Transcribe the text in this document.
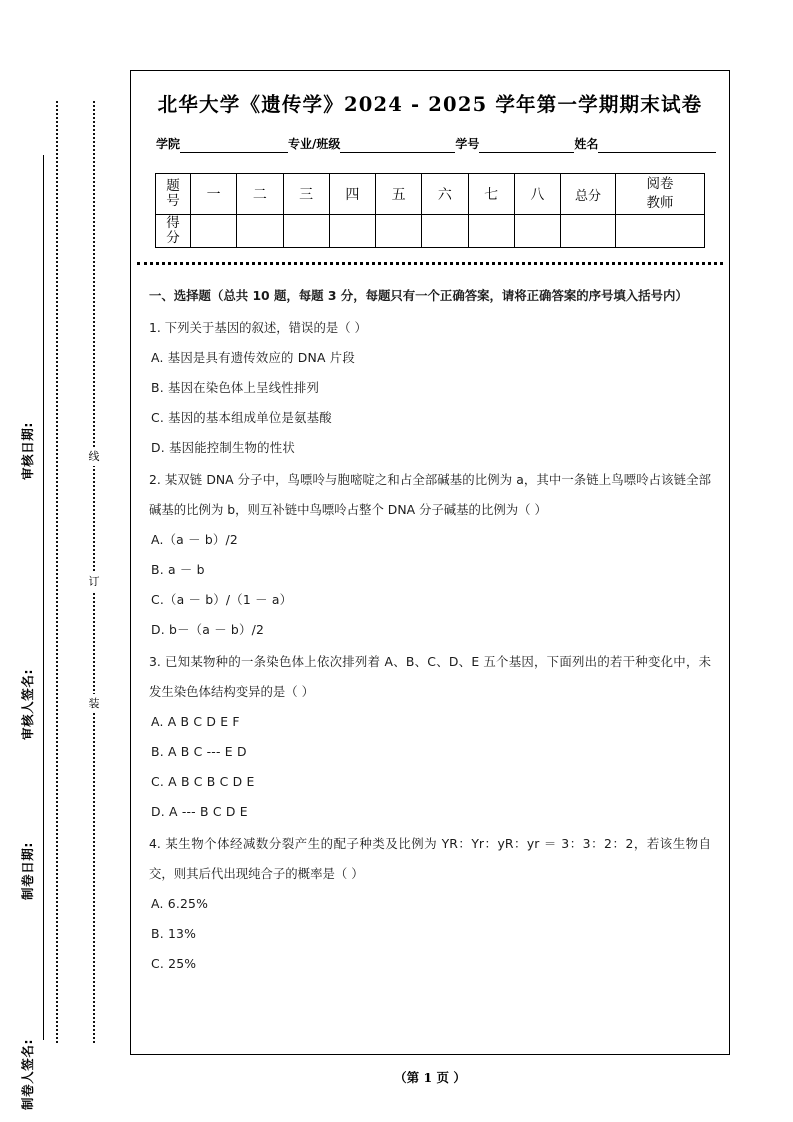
线
订
装
审核日期:
审核人签名:
制卷日期:
制卷人签名:
北华大学《遗传学》2024 - 2025 学年第一学期期末试卷
学院	专业/班级	学号	姓名
题
号	一	二	三	四	五	六	七	八	总分	阅卷
教师

得
分										

一、选择题（总共 10 题，每题 3 分，每题只有一个正确答案，请将正确答案的序号填入括号内）
1. 下列关于基因的叙述，错误的是（ ）
A. 基因是具有遗传效应的 DNA 片段
B. 基因在染色体上呈线性排列
C. 基因的基本组成单位是氨基酸
D. 基因能控制生物的性状
2. 某双链 DNA 分子中，鸟嘌呤与胞嘧啶之和占全部碱基的比例为 a，其中一条链上鸟嘌呤占该链全部碱基的比例为 b，则互补链中鸟嘌呤占整个 DNA 分子碱基的比例为（ ）
A.（a － b）/2
B. a － b
C.（a － b）/（1 － a）
D. b－（a － b）/2
3. 已知某物种的一条染色体上依次排列着 A、B、C、D、E 五个基因，下面列出的若干种变化中，未发生染色体结构变异的是（ ）
A. A B C D E F
B. A B C --- E D
C. A B C B C D E
D. A --- B C D E
4. 某生物个体经减数分裂产生的配子种类及比例为 YR：Yr：yR：yr ＝ 3：3：2：2，若该生物自交，则其后代出现纯合子的概率是（ ）
A. 6.25%
B. 13%
C. 25%
（第 1 页 ）
